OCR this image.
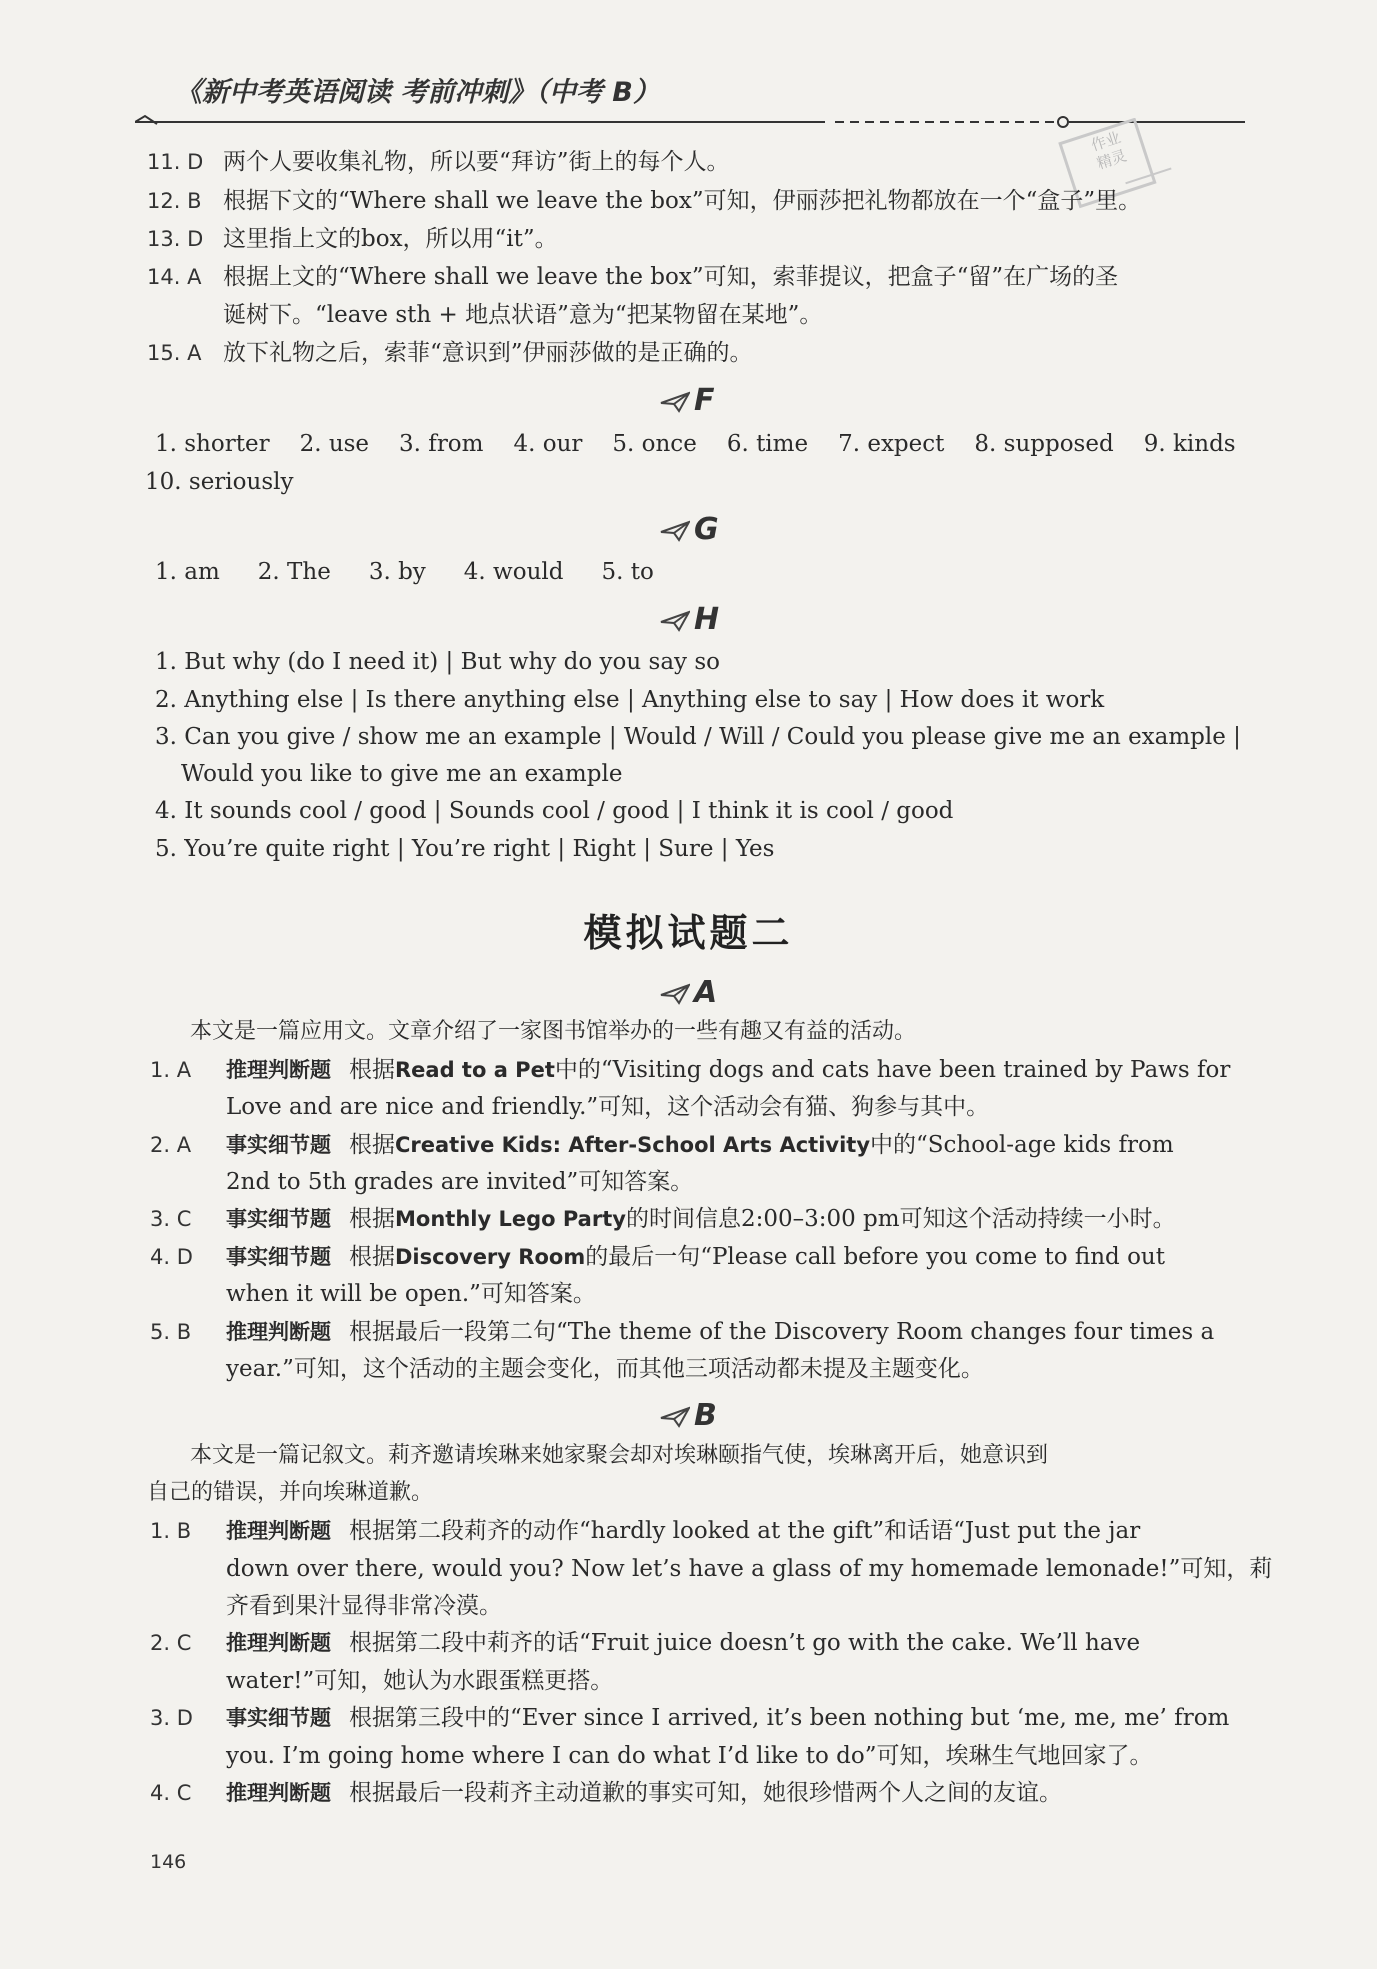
《新中考英语阅读 考前冲刺》（中考 B）
作业
精灵
11. D 两个人要收集礼物，所以要“拜访”街上的每个人。
12. B 根据下文的“Where shall we leave the box”可知，伊丽莎把礼物都放在一个“盒子”里。
13. D 这里指上文的box，所以用“it”。
14. A 根据上文的“Where shall we leave the box”可知，索菲提议，把盒子“留”在广场的圣
诞树下。“leave sth + 地点状语”意为“把某物留在某地”。
15. A 放下礼物之后，索菲“意识到”伊丽莎做的是正确的。
F
1. shorter 2. use 3. from 4. our 5. once 6. time 7. expect 8. supposed 9. kinds
10. seriously
G
1. am 2. The 3. by 4. would 5. to
H
1. But why (do I need it) | But why do you say so
2. Anything else | Is there anything else | Anything else to say | How does it work
3. Can you give / show me an example | Would / Will / Could you please give me an example |
Would you like to give me an example
4. It sounds cool / good | Sounds cool / good | I think it is cool / good
5. You’re quite right | You’re right | Right | Sure | Yes
模拟试题二
A
本文是一篇应用文。文章介绍了一家图书馆举办的一些有趣又有益的活动。
1. A 推理判断题 根据Read to a Pet中的“Visiting dogs and cats have been trained by Paws for
Love and are nice and friendly.”可知，这个活动会有猫、狗参与其中。
2. A 事实细节题 根据Creative Kids: After-School Arts Activity中的“School-age kids from
2nd to 5th grades are invited”可知答案。
3. C 事实细节题 根据Monthly Lego Party的时间信息2:00–3:00 pm可知这个活动持续一小时。
4. D 事实细节题 根据Discovery Room的最后一句“Please call before you come to find out
when it will be open.”可知答案。
5. B 推理判断题 根据最后一段第二句“The theme of the Discovery Room changes four times a
year.”可知，这个活动的主题会变化，而其他三项活动都未提及主题变化。
B
本文是一篇记叙文。莉齐邀请埃琳来她家聚会却对埃琳颐指气使，埃琳离开后，她意识到
自己的错误，并向埃琳道歉。
1. B 推理判断题 根据第二段莉齐的动作“hardly looked at the gift”和话语“Just put the jar
down over there, would you? Now let’s have a glass of my homemade lemonade!”可知，莉
齐看到果汁显得非常冷漠。
2. C 推理判断题 根据第二段中莉齐的话“Fruit juice doesn’t go with the cake. We’ll have
water!”可知，她认为水跟蛋糕更搭。
3. D 事实细节题 根据第三段中的“Ever since I arrived, it’s been nothing but ‘me, me, me’ from
you. I’m going home where I can do what I’d like to do”可知，埃琳生气地回家了。
4. C 推理判断题 根据最后一段莉齐主动道歉的事实可知，她很珍惜两个人之间的友谊。
146
